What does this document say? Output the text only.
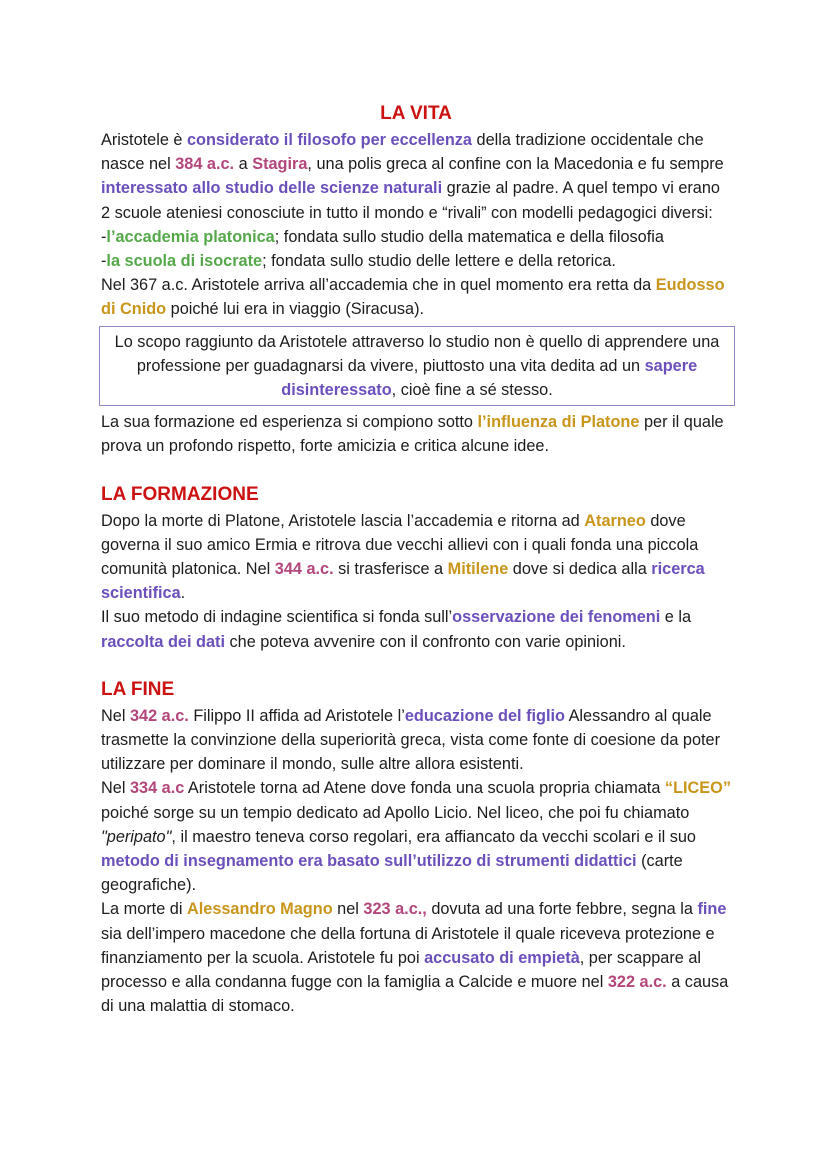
LA VITA

Aristotele è considerato il filosofo per eccellenza della tradizione occidentale che nasce nel 384 a.c. a Stagira, una polis greca al confine con la Macedonia e fu sempre interessato allo studio delle scienze naturali grazie al padre. A quel tempo vi erano 2 scuole ateniesi conosciute in tutto il mondo e “rivali” con modelli pedagogici diversi:

-l’accademia platonica; fondata sullo studio della matematica e della filosofia

-la scuola di isocrate; fondata sullo studio delle lettere e della retorica.

Nel 367 a.c. Aristotele arriva all’accademia che in quel momento era retta da Eudosso di Cnido poiché lui era in viaggio (Siracusa).

Lo scopo raggiunto da Aristotele attraverso lo studio non è quello di apprendere una professione per guadagnarsi da vivere, piuttosto una vita dedita ad un sapere disinteressato, cioè fine a sé stesso.

La sua formazione ed esperienza si compiono sotto l’influenza di Platone per il quale prova un profondo rispetto, forte amicizia e critica alcune idee.

LA FORMAZIONE

Dopo la morte di Platone, Aristotele lascia l’accademia e ritorna ad Atarneo dove governa il suo amico Ermia e ritrova due vecchi allievi con i quali fonda una piccola comunità platonica. Nel 344 a.c. si trasferisce a Mitilene dove si dedica alla ricerca scientifica.

Il suo metodo di indagine scientifica si fonda sull’osservazione dei fenomeni e la raccolta dei dati che poteva avvenire con il confronto con varie opinioni.

LA FINE

Nel 342 a.c. Filippo II affida ad Aristotele l’educazione del figlio Alessandro al quale trasmette la convinzione della superiorità greca, vista come fonte di coesione da poter utilizzare per dominare il mondo, sulle altre allora esistenti.

Nel 334 a.c Aristotele torna ad Atene dove fonda una scuola propria chiamata “LICEO” poiché sorge su un tempio dedicato ad Apollo Licio. Nel liceo, che poi fu chiamato "peripato", il maestro teneva corso regolari, era affiancato da vecchi scolari e il suo metodo di insegnamento era basato sull’utilizzo di strumenti didattici (carte geografiche).

La morte di Alessandro Magno nel 323 a.c., dovuta ad una forte febbre, segna la fine sia dell’impero macedone che della fortuna di Aristotele il quale riceveva protezione e finanziamento per la scuola. Aristotele fu poi accusato di empietà, per scappare al processo e alla condanna fugge con la famiglia a Calcide e muore nel 322 a.c. a causa di una malattia di stomaco.
